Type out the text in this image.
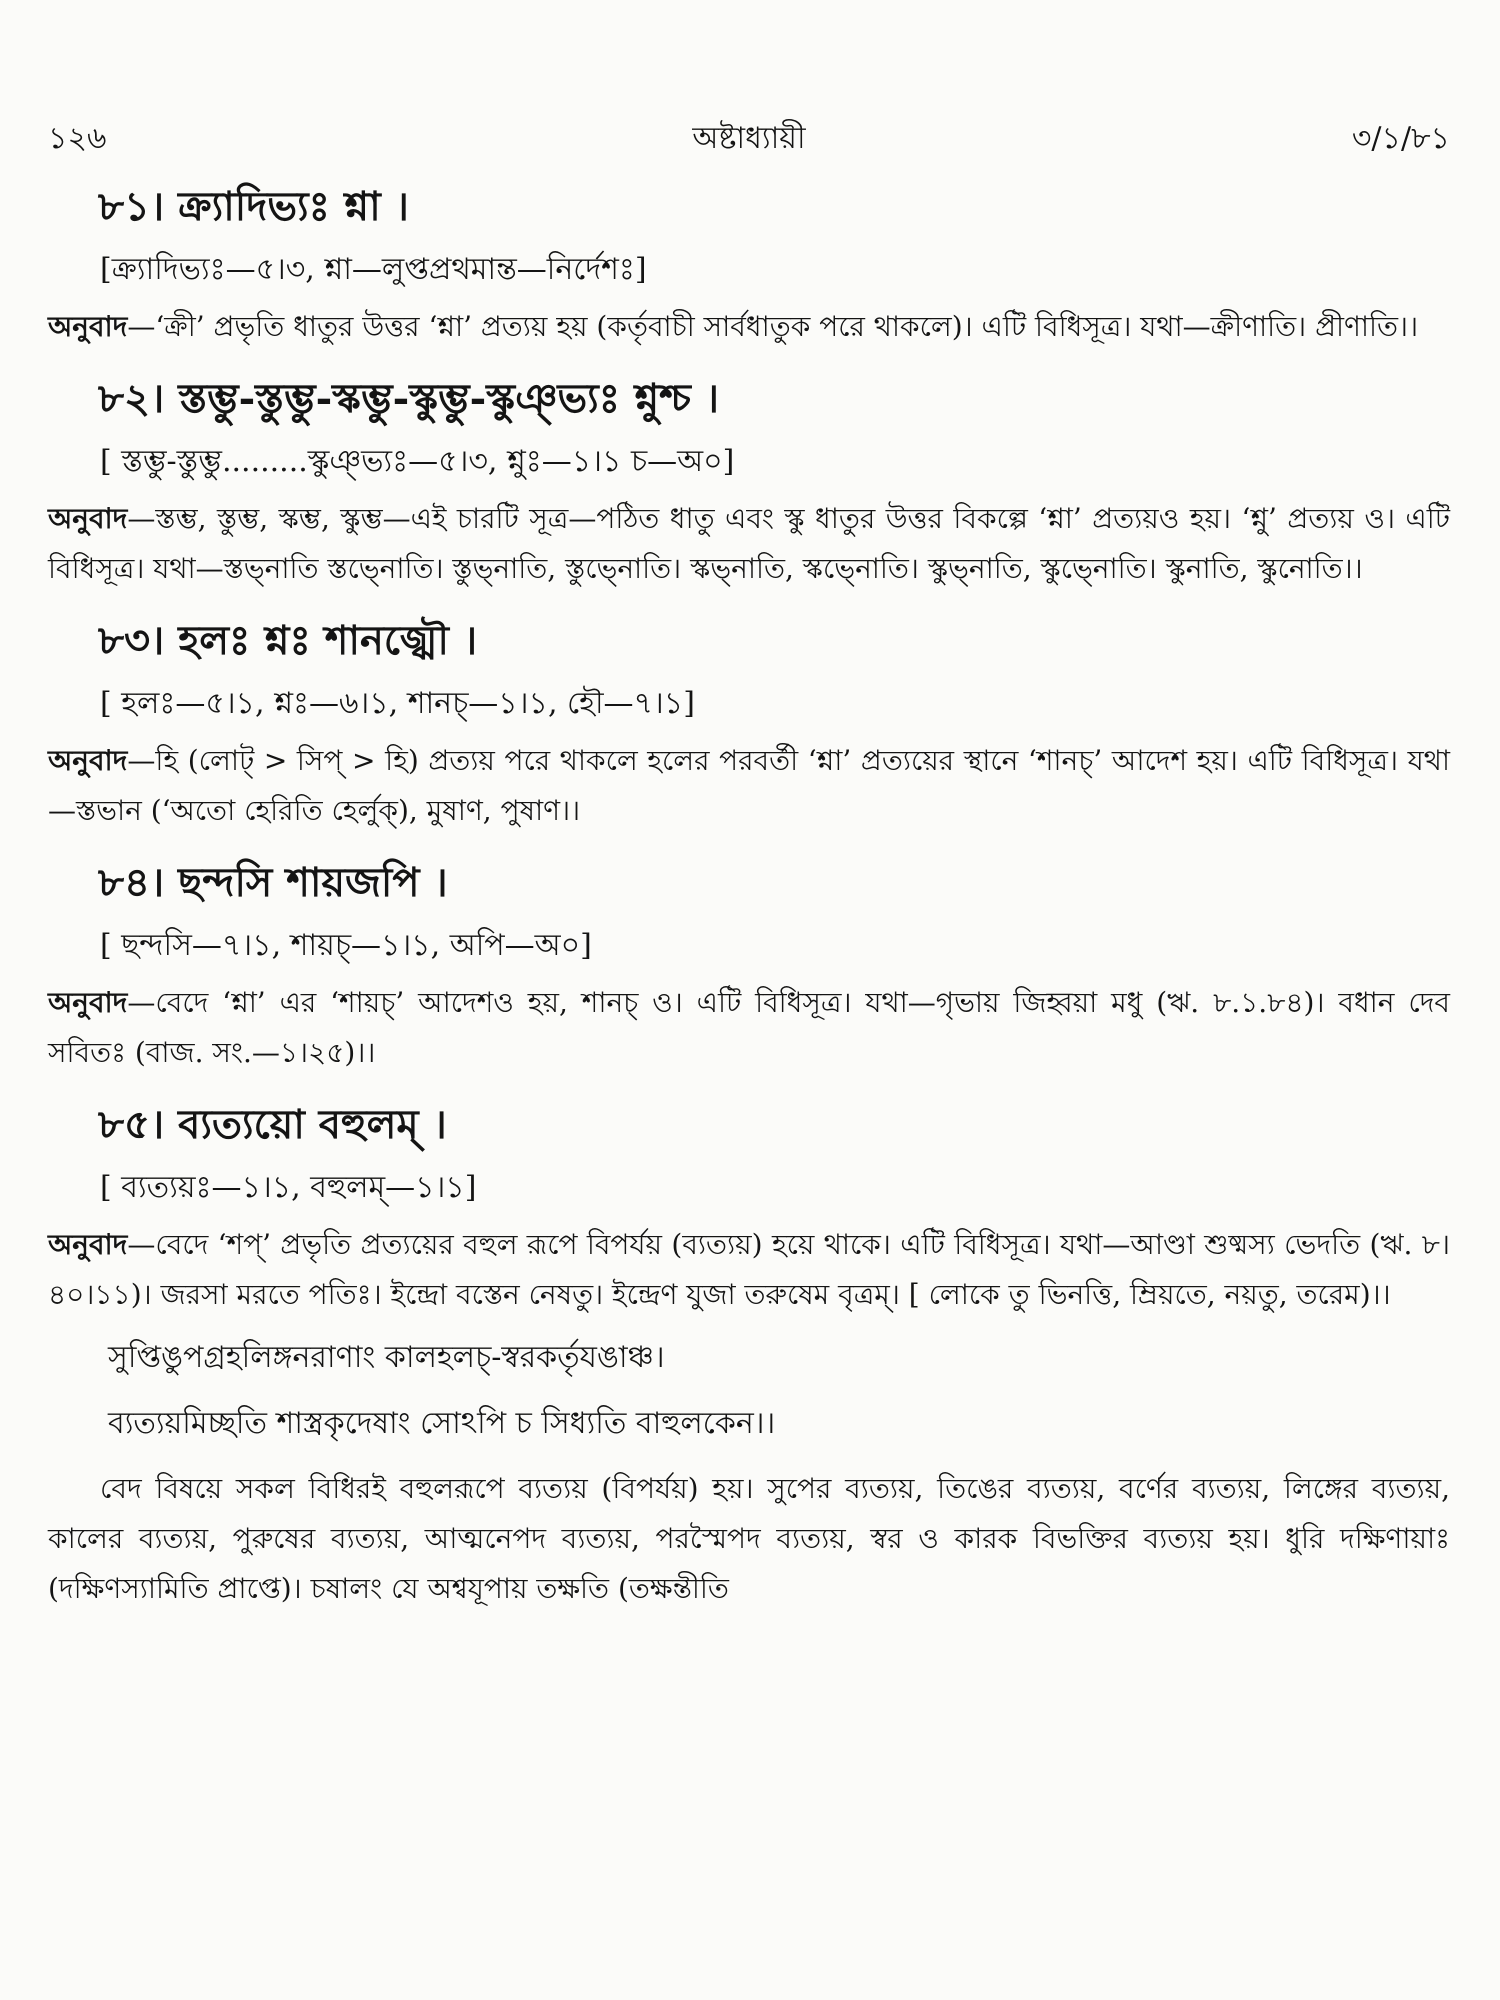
১২৬	অষ্টাধ্যায়ী	৩/১/৮১
৮১। ক্র্যাদিভ্যঃ শ্না ।
[ক্র্যাদিভ্যঃ—৫।৩, শ্না—লুপ্তপ্রথমান্ত—নির্দেশঃ]

অনুবাদ—‘ক্রী’ প্রভৃতি ধাতুর উত্তর ‘শ্না’ প্রত্যয় হয় (কর্তৃবাচী সার্বধাতুক পরে থাকলে)। এটি বিধিসূত্র। যথা—ক্রীণাতি। প্রীণাতি।।

৮২। স্তম্ভু-স্তুম্ভু-স্কম্ভু-স্কুম্ভু-স্কুঞ্ভ্যঃ শ্নুশ্চ ।
[ স্তম্ভু-স্তুম্ভু.........স্কুঞ্ভ্যঃ—৫।৩, শ্নুঃ—১।১ চ—অ০]

অনুবাদ—স্তম্ভ, স্তুম্ভ, স্কম্ভ, স্কুম্ভ—এই চারটি সূত্র—পঠিত ধাতু এবং স্কু ধাতুর উত্তর বিকল্পে ‘শ্না’ প্রত্যয়ও হয়। ‘শ্নু’ প্রত্যয় ও। এটি বিধিসূত্র। যথা—স্তভ্নাতি স্তভ্নোতি। স্তুভ্নাতি, স্তুভ্নোতি। স্কভ্নাতি, স্কভ্নোতি। স্কুভ্নাতি, স্কুভ্নোতি। স্কুনাতি, স্কুনোতি।।

৮৩। হলঃ শ্নঃ শানজ্ঝৌ ।
[ হলঃ—৫।১, শ্নঃ—৬।১, শানচ্—১।১, হৌ—৭।১]

অনুবাদ—হি (লোট্ > সিপ্ > হি) প্রত্যয় পরে থাকলে হলের পরবর্তী ‘শ্না’ প্রত্যয়ের স্থানে ‘শানচ্’ আদেশ হয়। এটি বিধিসূত্র। যথা—স্তভান (‘অতো হেরিতি হের্লুক্), মুষাণ, পুষাণ।।

৮৪। ছন্দসি শায়জপি ।
[ ছন্দসি—৭।১, শায়চ্—১।১, অপি—অ০]

অনুবাদ—বেদে ‘শ্না’ এর ‘শায়চ্’ আদেশও হয়, শানচ্ ও। এটি বিধিসূত্র। যথা—গৃভায় জিহ্বয়া মধু (ঋ. ৮.১.৮৪)। বধান দেব সবিতঃ (বাজ. সং.—১।২৫)।।

৮৫। ব্যত্যয়ো বহুলম্ ।
[ ব্যত্যয়ঃ—১।১, বহুলম্—১।১]

অনুবাদ—বেদে ‘শপ্’ প্রভৃতি প্রত্যয়ের বহুল রূপে বিপর্যয় (ব্যত্যয়) হয়ে থাকে। এটি বিধিসূত্র। যথা—আণ্ডা শুষ্মস্য ভেদতি (ঋ. ৮।৪০।১১)। জরসা মরতে পতিঃ। ইন্দ্রো বস্তেন নেষতু। ইন্দ্রেণ যুজা তরুষেম বৃত্রম্। [ লোকে তু ভিনত্তি, ম্রিয়তে, নয়তু, তরেম)।।

সুপ্তিঙুপগ্রহলিঙ্গনরাণাং কালহলচ্-স্বরকর্তৃযঙাঞ্চ।
ব্যত্যয়মিচ্ছতি শাস্ত্রকৃদেষাং সোঽপি চ সিধ্যতি বাহুলকেন।।

বেদ বিষয়ে সকল বিধিরই বহুলরূপে ব্যত্যয় (বিপর্যয়) হয়। সুপের ব্যত্যয়, তিঙের ব্যত্যয়, বর্ণের ব্যত্যয়, লিঙ্গের ব্যত্যয়, কালের ব্যত্যয়, পুরুষের ব্যত্যয়, আত্মনেপদ ব্যত্যয়, পরস্মৈপদ ব্যত্যয়, স্বর ও কারক বিভক্তির ব্যত্যয় হয়। ধুরি দক্ষিণায়াঃ (দক্ষিণস্যামিতি প্রাপ্তে)। চষালং যে অশ্বযূপায় তক্ষতি (তক্ষন্তীতি
